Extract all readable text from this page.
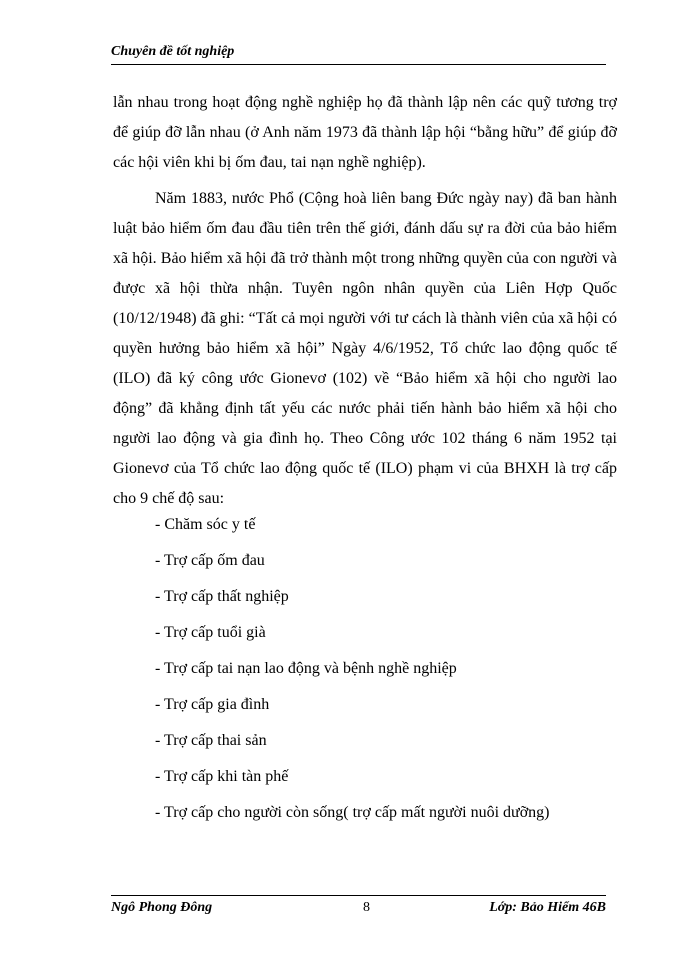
Chuyên đề tốt nghiệp

lẫn nhau trong hoạt động nghề nghiệp họ đã thành lập nên các quỹ tương trợ để giúp đỡ lẫn nhau (ở Anh năm 1973 đã thành lập hội “bằng hữu” để giúp đỡ các hội viên khi bị ốm đau, tai nạn nghề nghiệp).

Năm 1883, nước Phổ (Cộng hoà liên bang Đức ngày nay) đã ban hành luật bảo hiểm ốm đau đầu tiên trên thế giới, đánh dấu sự ra đời của bảo hiểm xã hội. Bảo hiểm xã hội đã trở thành một trong những quyền của con người và được xã hội thừa nhận. Tuyên ngôn nhân quyền của Liên Hợp Quốc (10/12/1948) đã ghi: “Tất cả mọi người với tư cách là thành viên của xã hội có quyền hưởng bảo hiểm xã hội” Ngày 4/6/1952, Tổ chức lao động quốc tế (ILO) đã ký công ước Gionevơ (102) về “Bảo hiểm xã hội cho người lao động” đã khẳng định tất yếu các nước phải tiến hành bảo hiểm xã hội cho người lao động và gia đình họ. Theo Công ước 102 tháng 6 năm 1952 tại Gionevơ của Tổ chức lao động quốc tế (ILO) phạm vi của BHXH là trợ cấp cho 9 chế độ sau:

- Chăm sóc y tế
- Trợ cấp ốm đau
- Trợ cấp thất nghiệp
- Trợ cấp tuổi già
- Trợ cấp tai nạn lao động và bệnh nghề nghiệp
- Trợ cấp gia đình
- Trợ cấp thai sản
- Trợ cấp khi tàn phế
- Trợ cấp cho người còn sống( trợ cấp mất người nuôi dưỡng)
Ngô Phong Đông	8	Lớp: Bảo Hiểm 46B
